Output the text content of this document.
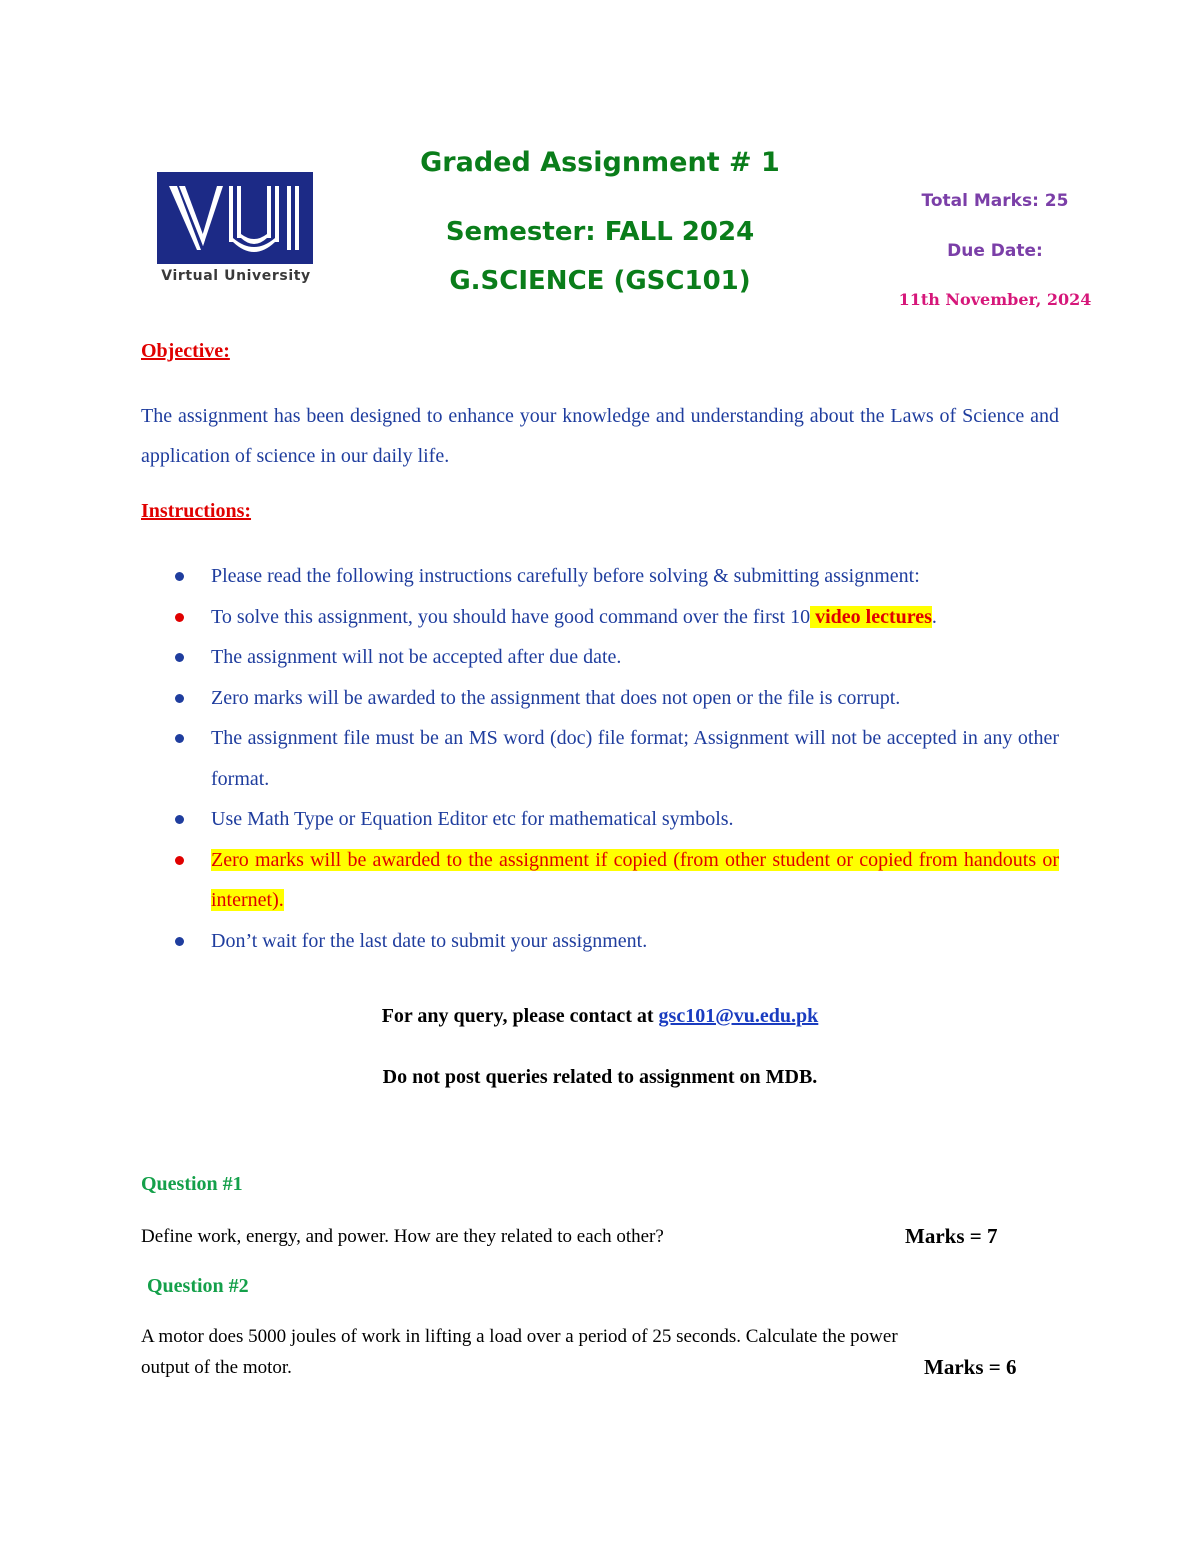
Virtual University
Graded Assignment # 1
Semester: FALL 2024
G.SCIENCE (GSC101)
Total Marks: 25
Due Date:
11th November, 2024
Objective:
The assignment has been designed to enhance your knowledge and understanding about the Laws of Science and application of science in our daily life.
Instructions:
Please read the following instructions carefully before solving & submitting assignment:
To solve this assignment, you should have good command over the first 10 video lectures.
The assignment will not be accepted after due date.
Zero marks will be awarded to the assignment that does not open or the file is corrupt.
The assignment file must be an MS word (doc) file format; Assignment will not be accepted in any other format.
Use Math Type or Equation Editor etc for mathematical symbols.
Zero marks will be awarded to the assignment if copied (from other student or copied from handouts or internet).
Don’t wait for the last date to submit your assignment.
For any query, please contact at gsc101@vu.edu.pk
Do not post queries related to assignment on MDB.
Question #1
Define work, energy, and power. How are they related to each other?	Marks = 7
Question #2
A motor does 5000 joules of work in lifting a load over a period of 25 seconds. Calculate the power
output of the motor.	Marks = 6
